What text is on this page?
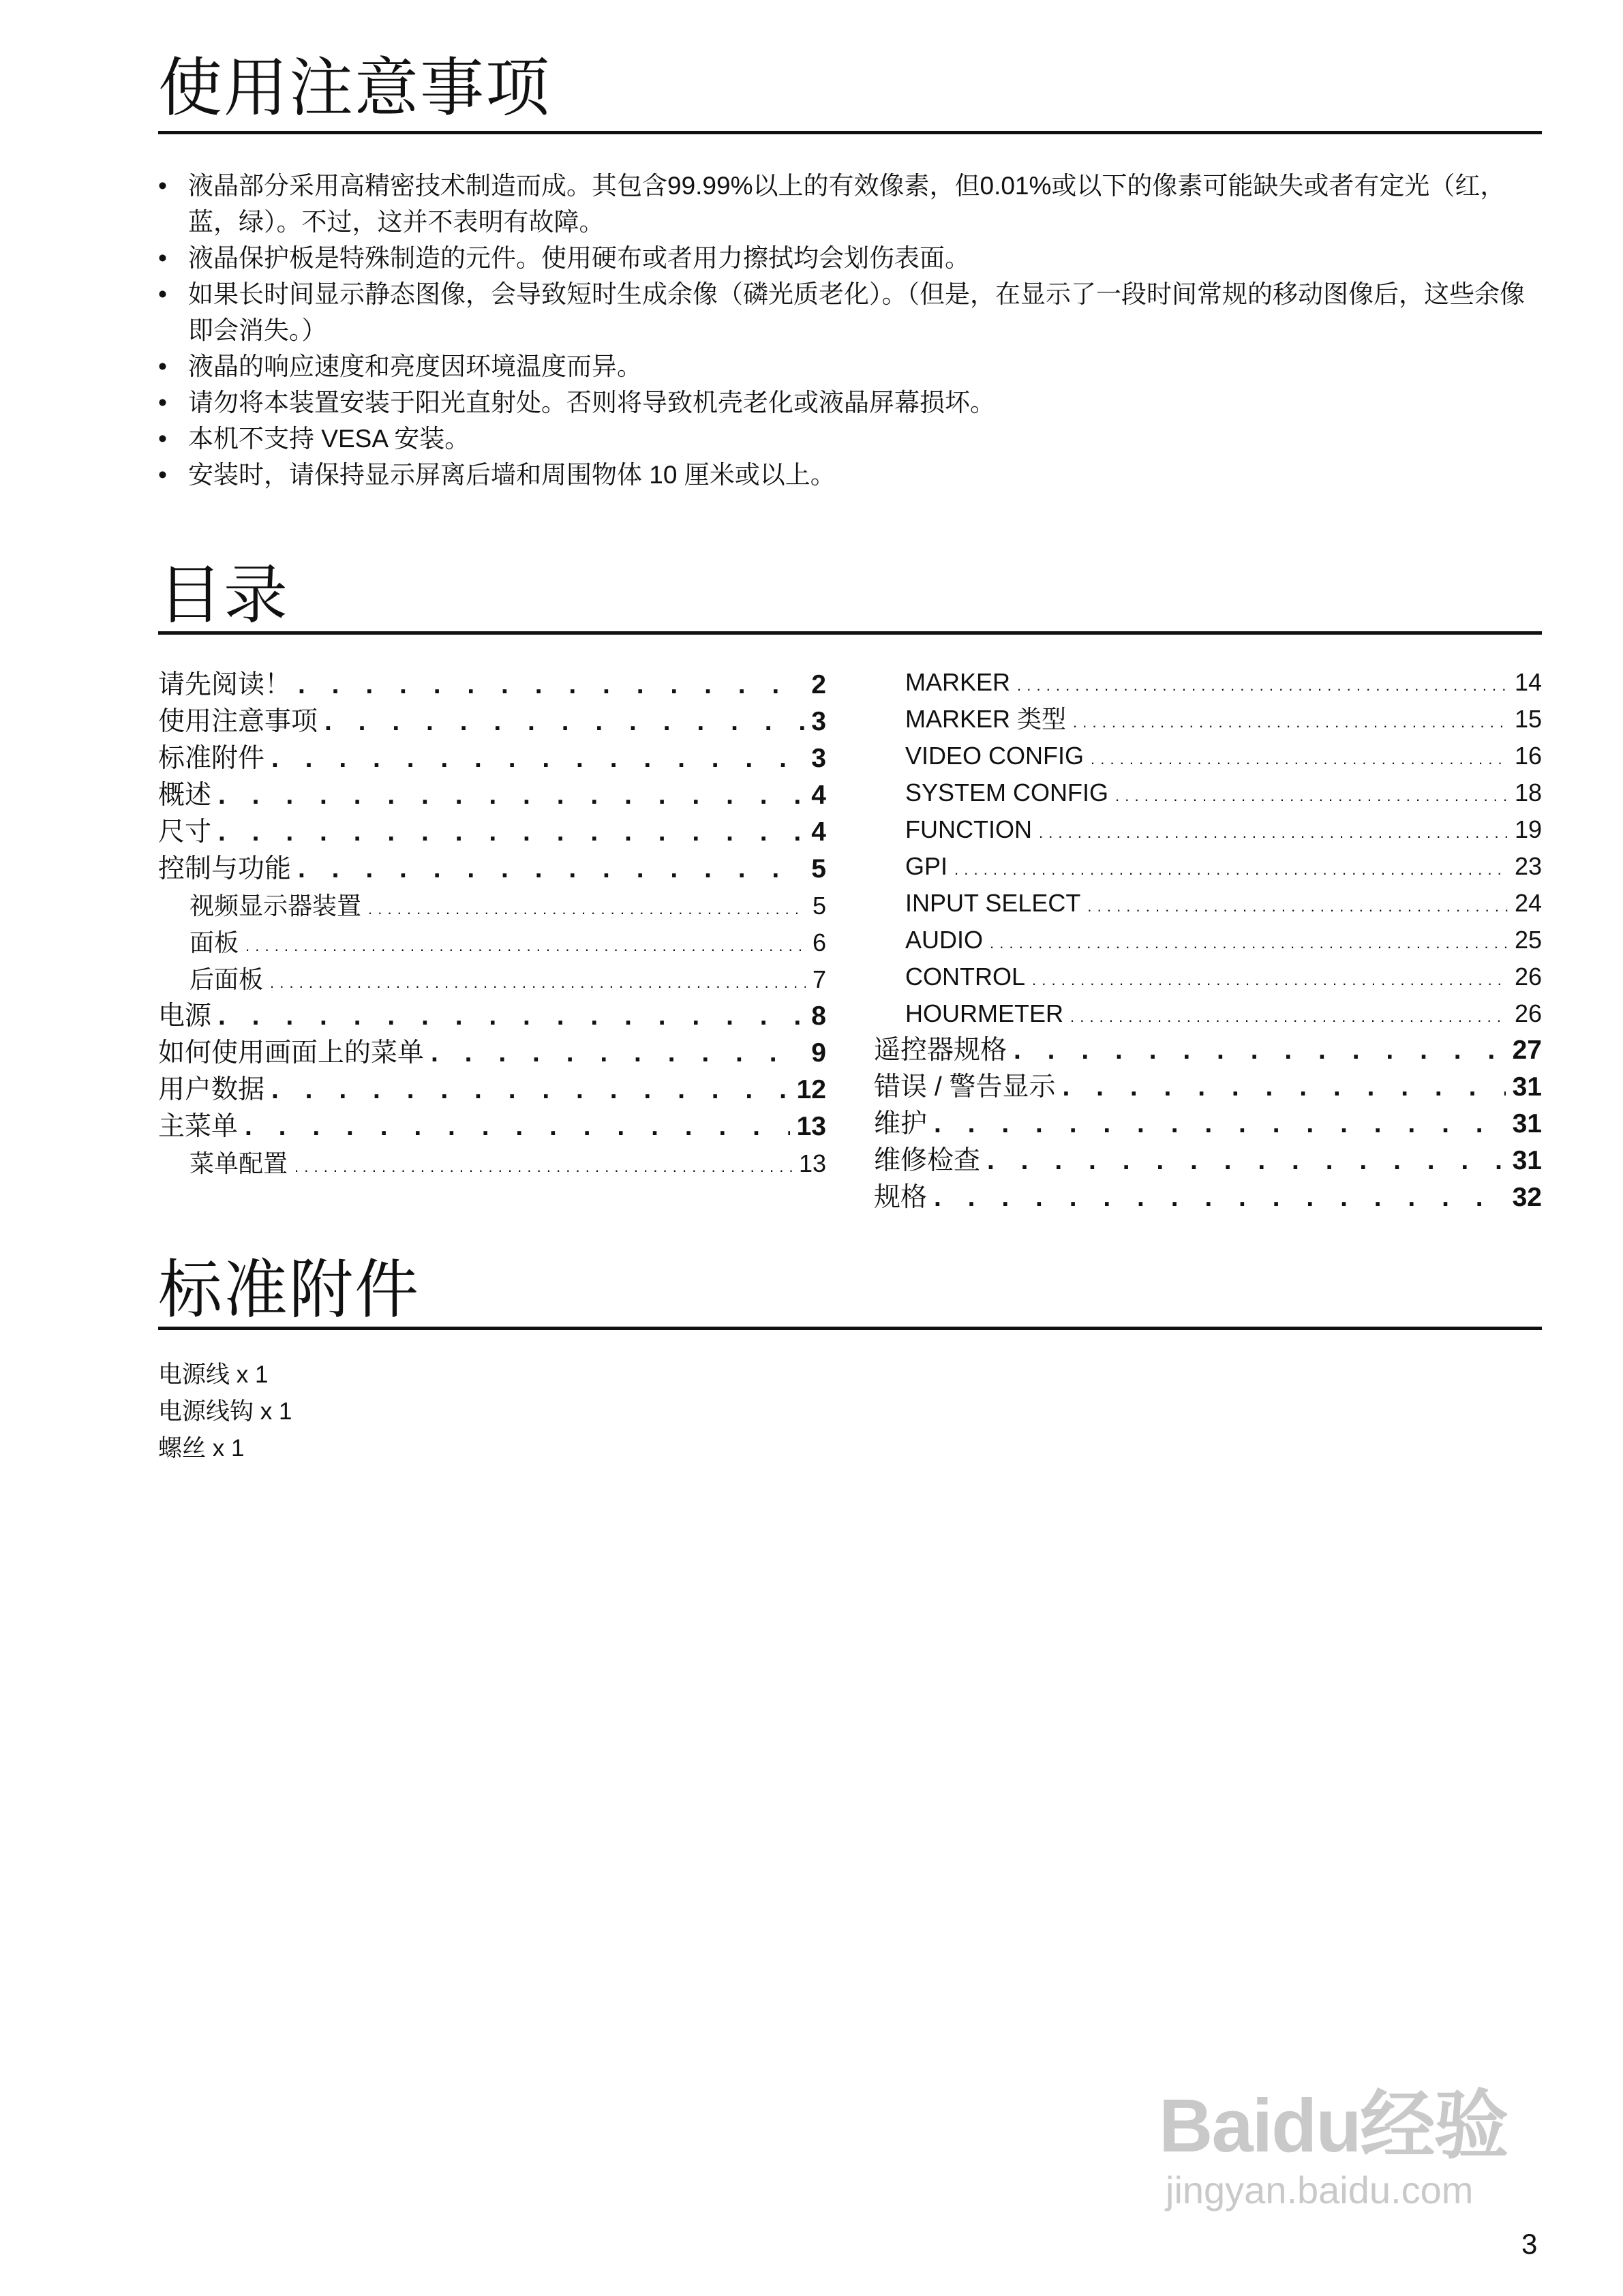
使用注意事项
• 液晶部分采用高精密技术制造而成。其包含99.99%以上的有效像素，但0.01%或以下的像素可能缺失或者有定光（红，蓝，绿）。不过，这并不表明有故障。
• 液晶保护板是特殊制造的元件。使用硬布或者用力擦拭均会划伤表面。
• 如果长时间显示静态图像，会导致短时生成余像（磷光质老化）。（但是，在显示了一段时间常规的移动图像后，这些余像即会消失。）
• 液晶的响应速度和亮度因环境温度而异。
• 请勿将本装置安装于阳光直射处。否则将导致机壳老化或液晶屏幕损坏。
• 本机不支持 VESA 安装。
• 安装时，请保持显示屏离后墙和周围物体 10 厘米或以上。
目录
请先阅读！ . . .	2
使用注意事项 . . .	3
标准附件 . . .	3
概述 . . .	4
尺寸 . . .	4
控制与功能 . . .	5
视频显示器装置 . . .	5
面板 . . .	6
后面板 . . .	7
电源 . . .	8
如何使用画面上的菜单 . . .	9
用户数据 . . .	12
主菜单 . . .	13
菜单配置 . . .	13
MARKER . . .	14
MARKER 类型 . . .	15
VIDEO CONFIG . . .	16
SYSTEM CONFIG . . .	18
FUNCTION . . .	19
GPI . . .	23
INPUT SELECT . . .	24
AUDIO . . .	25
CONTROL . . .	26
HOURMETER . . .	26
遥控器规格 . . .	27
错误 / 警告显示 . . .	31
维护 . . .	31
维修检查 . . .	31
规格 . . .	32
标准附件
电源线 x 1
电源线钩 x 1
螺丝 x 1
Baidu经验
jingyan.baidu.com
3
